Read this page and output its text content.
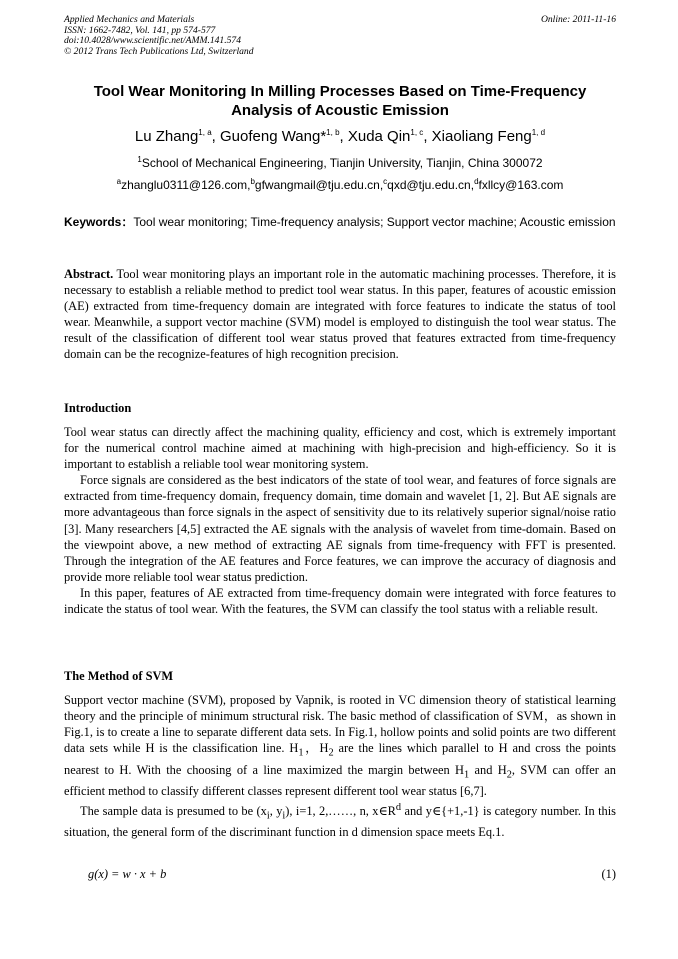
Applied Mechanics and Materials
ISSN: 1662-7482, Vol. 141, pp 574-577
doi:10.4028/www.scientific.net/AMM.141.574
© 2012 Trans Tech Publications Ltd, Switzerland
Online: 2011-11-16
Tool Wear Monitoring In Milling Processes Based on Time-Frequency
Analysis of Acoustic Emission
Lu Zhang$^{1, a}$, Guofeng Wang*$^{1, b}$, Xuda Qin$^{1, c}$, Xiaoliang Feng$^{1, d}$
$^1$School of Mechanical Engineering, Tianjin University, Tianjin, China 300072
$^a$zhanglu0311@126.com,$^b$gfwangmail@tju.edu.cn,$^c$qxd@tju.edu.cn,$^d$fxllcy@163.com
Keywords：Tool wear monitoring; Time-frequency analysis; Support vector machine; Acoustic emission
Abstract. Tool wear monitoring plays an important role in the automatic machining processes. Therefore, it is necessary to establish a reliable method to predict tool wear status. In this paper, features of acoustic emission (AE) extracted from time-frequency domain are integrated with force features to indicate the status of tool wear. Meanwhile, a support vector machine (SVM) model is employed to distinguish the tool wear status. The result of the classification of different tool wear status proved that features extracted from time-frequency domain can be the recognize-features of high recognition precision.
Introduction

Tool wear status can directly affect the machining quality, efficiency and cost, which is extremely important for the numerical control machine aimed at machining with high-precision and high-efficiency. So it is important to establish a reliable tool wear monitoring system.

Force signals are considered as the best indicators of the state of tool wear, and features of force signals are extracted from time-frequency domain, frequency domain, time domain and wavelet [1, 2]. But AE signals are more advantageous than force signals in the aspect of sensitivity due to its relatively superior signal/noise ratio [3]. Many researchers [4,5] extracted the AE signals with the analysis of wavelet from time-domain. Based on the viewpoint above, a new method of extracting AE signals from time-frequency with FFT is presented. Through the integration of the AE features and Force features, we can improve the accuracy of diagnosis and provide more reliable tool wear status prediction.

In this paper, features of AE extracted from time-frequency domain were integrated with force features to indicate the status of tool wear. With the features, the SVM can classify the tool status with a reliable result.

The Method of SVM

Support vector machine (SVM), proposed by Vapnik, is rooted in VC dimension theory of statistical learning theory and the principle of minimum structural risk. The basic method of classification of SVM，as shown in Fig.1, is to create a line to separate different data sets. In Fig.1, hollow points and solid points are two different data sets while H is the classification line. $H_1$，$H_2$ are the lines which parallel to H and cross the points nearest to H. With the choosing of a line maximized the margin between $H_1$ and $H_2$, SVM can offer an efficient method to classify different classes represent different tool wear status [6,7].

The sample data is presumed to be ($x_i$, $y_i$), i=1, 2,……, n, $x\in R^d$ and y∈{+1,-1} is category number. In this situation, the general form of the discriminant function in d dimension space meets Eq.1.

g(x) = w · x + b	(1)
